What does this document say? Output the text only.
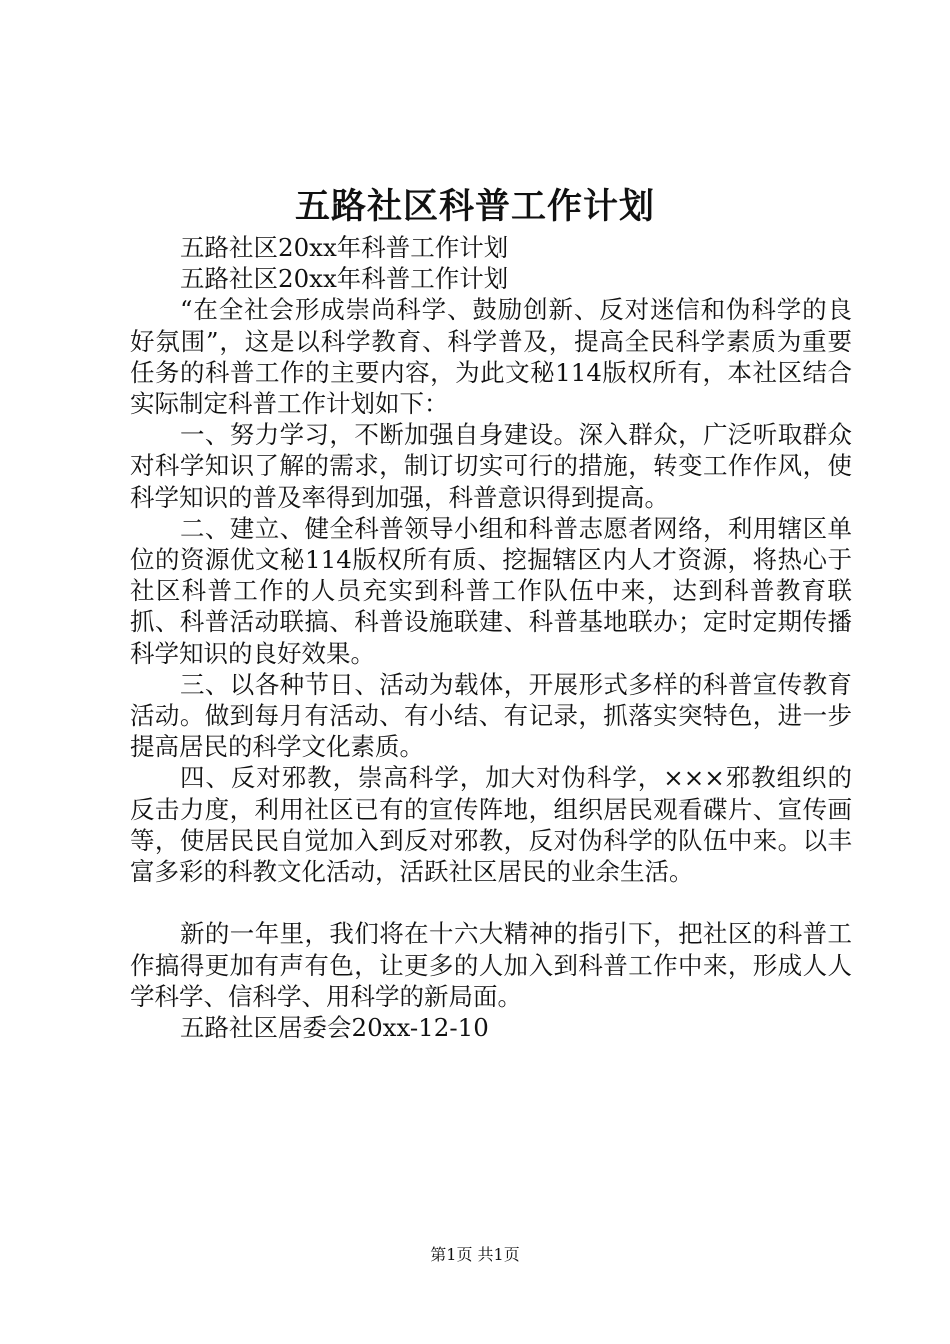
五路社区科普工作计划

五路社区20xx年科普工作计划

五路社区20xx年科普工作计划

“在全社会形成崇尚科学、鼓励创新、反对迷信和伪科学的良好氛围”，这是以科学教育、科学普及，提高全民科学素质为重要任务的科普工作的主要内容，为此文秘114版权所有，本社区结合实际制定科普工作计划如下：

一、努力学习，不断加强自身建设。深入群众，广泛听取群众对科学知识了解的需求，制订切实可行的措施，转变工作作风，使科学知识的普及率得到加强，科普意识得到提高。

二、建立、健全科普领导小组和科普志愿者网络，利用辖区单位的资源优文秘114版权所有质、挖掘辖区内人才资源，将热心于社区科普工作的人员充实到科普工作队伍中来，达到科普教育联抓、科普活动联搞、科普设施联建、科普基地联办；定时定期传播科学知识的良好效果。

三、以各种节日、活动为载体，开展形式多样的科普宣传教育活动。做到每月有活动、有小结、有记录，抓落实突特色，进一步提高居民的科学文化素质。

四、反对邪教，崇高科学，加大对伪科学，×××邪教组织的反击力度，利用社区已有的宣传阵地，组织居民观看碟片、宣传画等，使居民民自觉加入到反对邪教，反对伪科学的队伍中来。以丰富多彩的科教文化活动，活跃社区居民的业余生活。

新的一年里，我们将在十六大精神的指引下，把社区的科普工作搞得更加有声有色，让更多的人加入到科普工作中来，形成人人学科学、信科学、用科学的新局面。

五路社区居委会20xx-12-10

第1页 共1页
